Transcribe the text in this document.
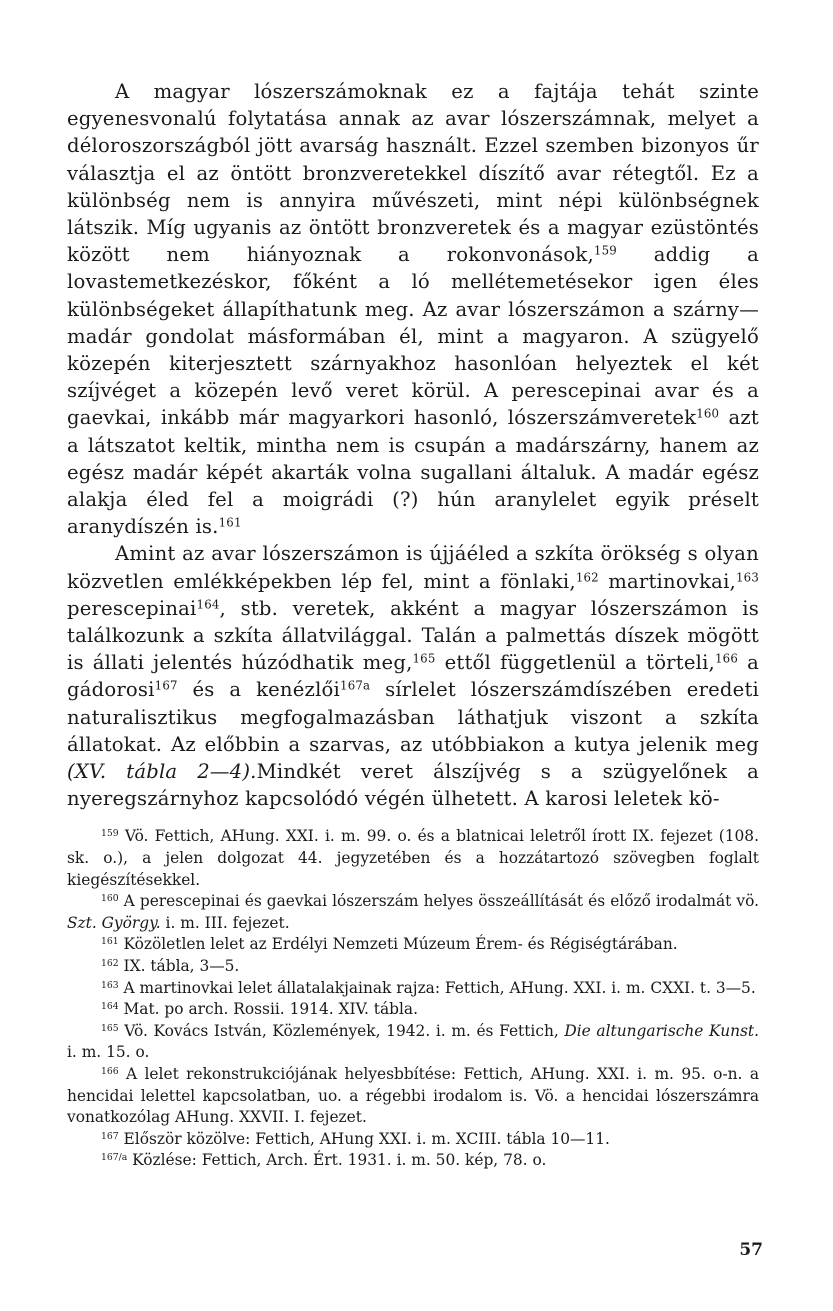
A magyar lószerszámoknak ez a fajtája tehát szinte egyenesvonalú folytatása annak az avar lószerszámnak, melyet a déloroszországból jött avarság használt. Ezzel szemben bizonyos űr választja el az öntött bronzveretekkel díszítő avar rétegtől. Ez a különbség nem is annyira művészeti, mint népi különbségnek látszik. Míg ugyanis az öntött bronzveretek és a magyar ezüstöntés között nem hiányoznak a rokonvonások,$^{159}$ addig a lovastemetkezéskor, főként a ló mellétemetésekor igen éles különbségeket állapíthatunk meg. Az avar lószerszámon a szárny—madár gondolat másformában él, mint a magyaron. A szügyelő közepén kiterjesztett szárnyakhoz hasonlóan helyeztek el két szíjvéget a közepén levő veret körül. A perescepinai avar és a gaevkai, inkább már magyarkori hasonló, lószerszámveretek$^{160}$ azt a látszatot keltik, mintha nem is csupán a madárszárny, hanem az egész madár képét akarták volna sugallani általuk. A madár egész alakja éled fel a moigrádi (?) hún aranylelet egyik préselt aranydíszén is.$^{161}$

Amint az avar lószerszámon is újjáéled a szkíta örökség s olyan közvetlen emlékképekben lép fel, mint a fönlaki,$^{162}$ martinovkai,$^{163}$ perescepinai$^{164}$, stb. veretek, akként a magyar lószerszámon is találkozunk a szkíta állatvilággal. Talán a palmettás díszek mögött is állati jelentés húzódhatik meg,$^{165}$ ettől függetlenül a törteli,$^{166}$ a gádorosi$^{167}$ és a kenézlői$^{167a}$ sírlelet lószerszámdíszében eredeti naturalisztikus megfogalmazásban láthatjuk viszont a szkíta állatokat. Az előbbin a szarvas, az utóbbiakon a kutya jelenik meg (XV. tábla 2—4).Mindkét veret álszíjvég s a szügyelőnek a nyeregszárnyhoz kapcsolódó végén ülhetett. A karosi leletek kö-

$^{159}$ Vö. Fettich, AHung. XXI. i. m. 99. o. és a blatnicai leletről írott IX. fejezet (108. sk. o.), a jelen dolgozat 44. jegyzetében és a hozzátartozó szövegben foglalt kiegészítésekkel.

$^{160}$ A perescepinai és gaevkai lószerszám helyes összeállítását és előző irodalmát vö. Szt. György. i. m. III. fejezet.

$^{161}$ Közöletlen lelet az Erdélyi Nemzeti Múzeum Érem- és Régiségtárában.

$^{162}$ IX. tábla, 3—5.

$^{163}$ A martinovkai lelet állatalakjainak rajza: Fettich, AHung. XXI. i. m. CXXI. t. 3—5.

$^{164}$ Mat. po arch. Rossii. 1914. XIV. tábla.

$^{165}$ Vö. Kovács István, Közlemények, 1942. i. m. és Fettich, Die altungarische Kunst. i. m. 15. o.

$^{166}$ A lelet rekonstrukciójának helyesbbítése: Fettich, AHung. XXI. i. m. 95. o-n. a hencidai lelettel kapcsolatban, uo. a régebbi irodalom is. Vö. a hencidai lószerszámra vonatkozólag AHung. XXVII. I. fejezet.

$^{167}$ Először közölve: Fettich, AHung XXI. i. m. XCIII. tábla 10—11.

$^{167/a}$ Közlése: Fettich, Arch. Ért. 1931. i. m. 50. kép, 78. o.

57
